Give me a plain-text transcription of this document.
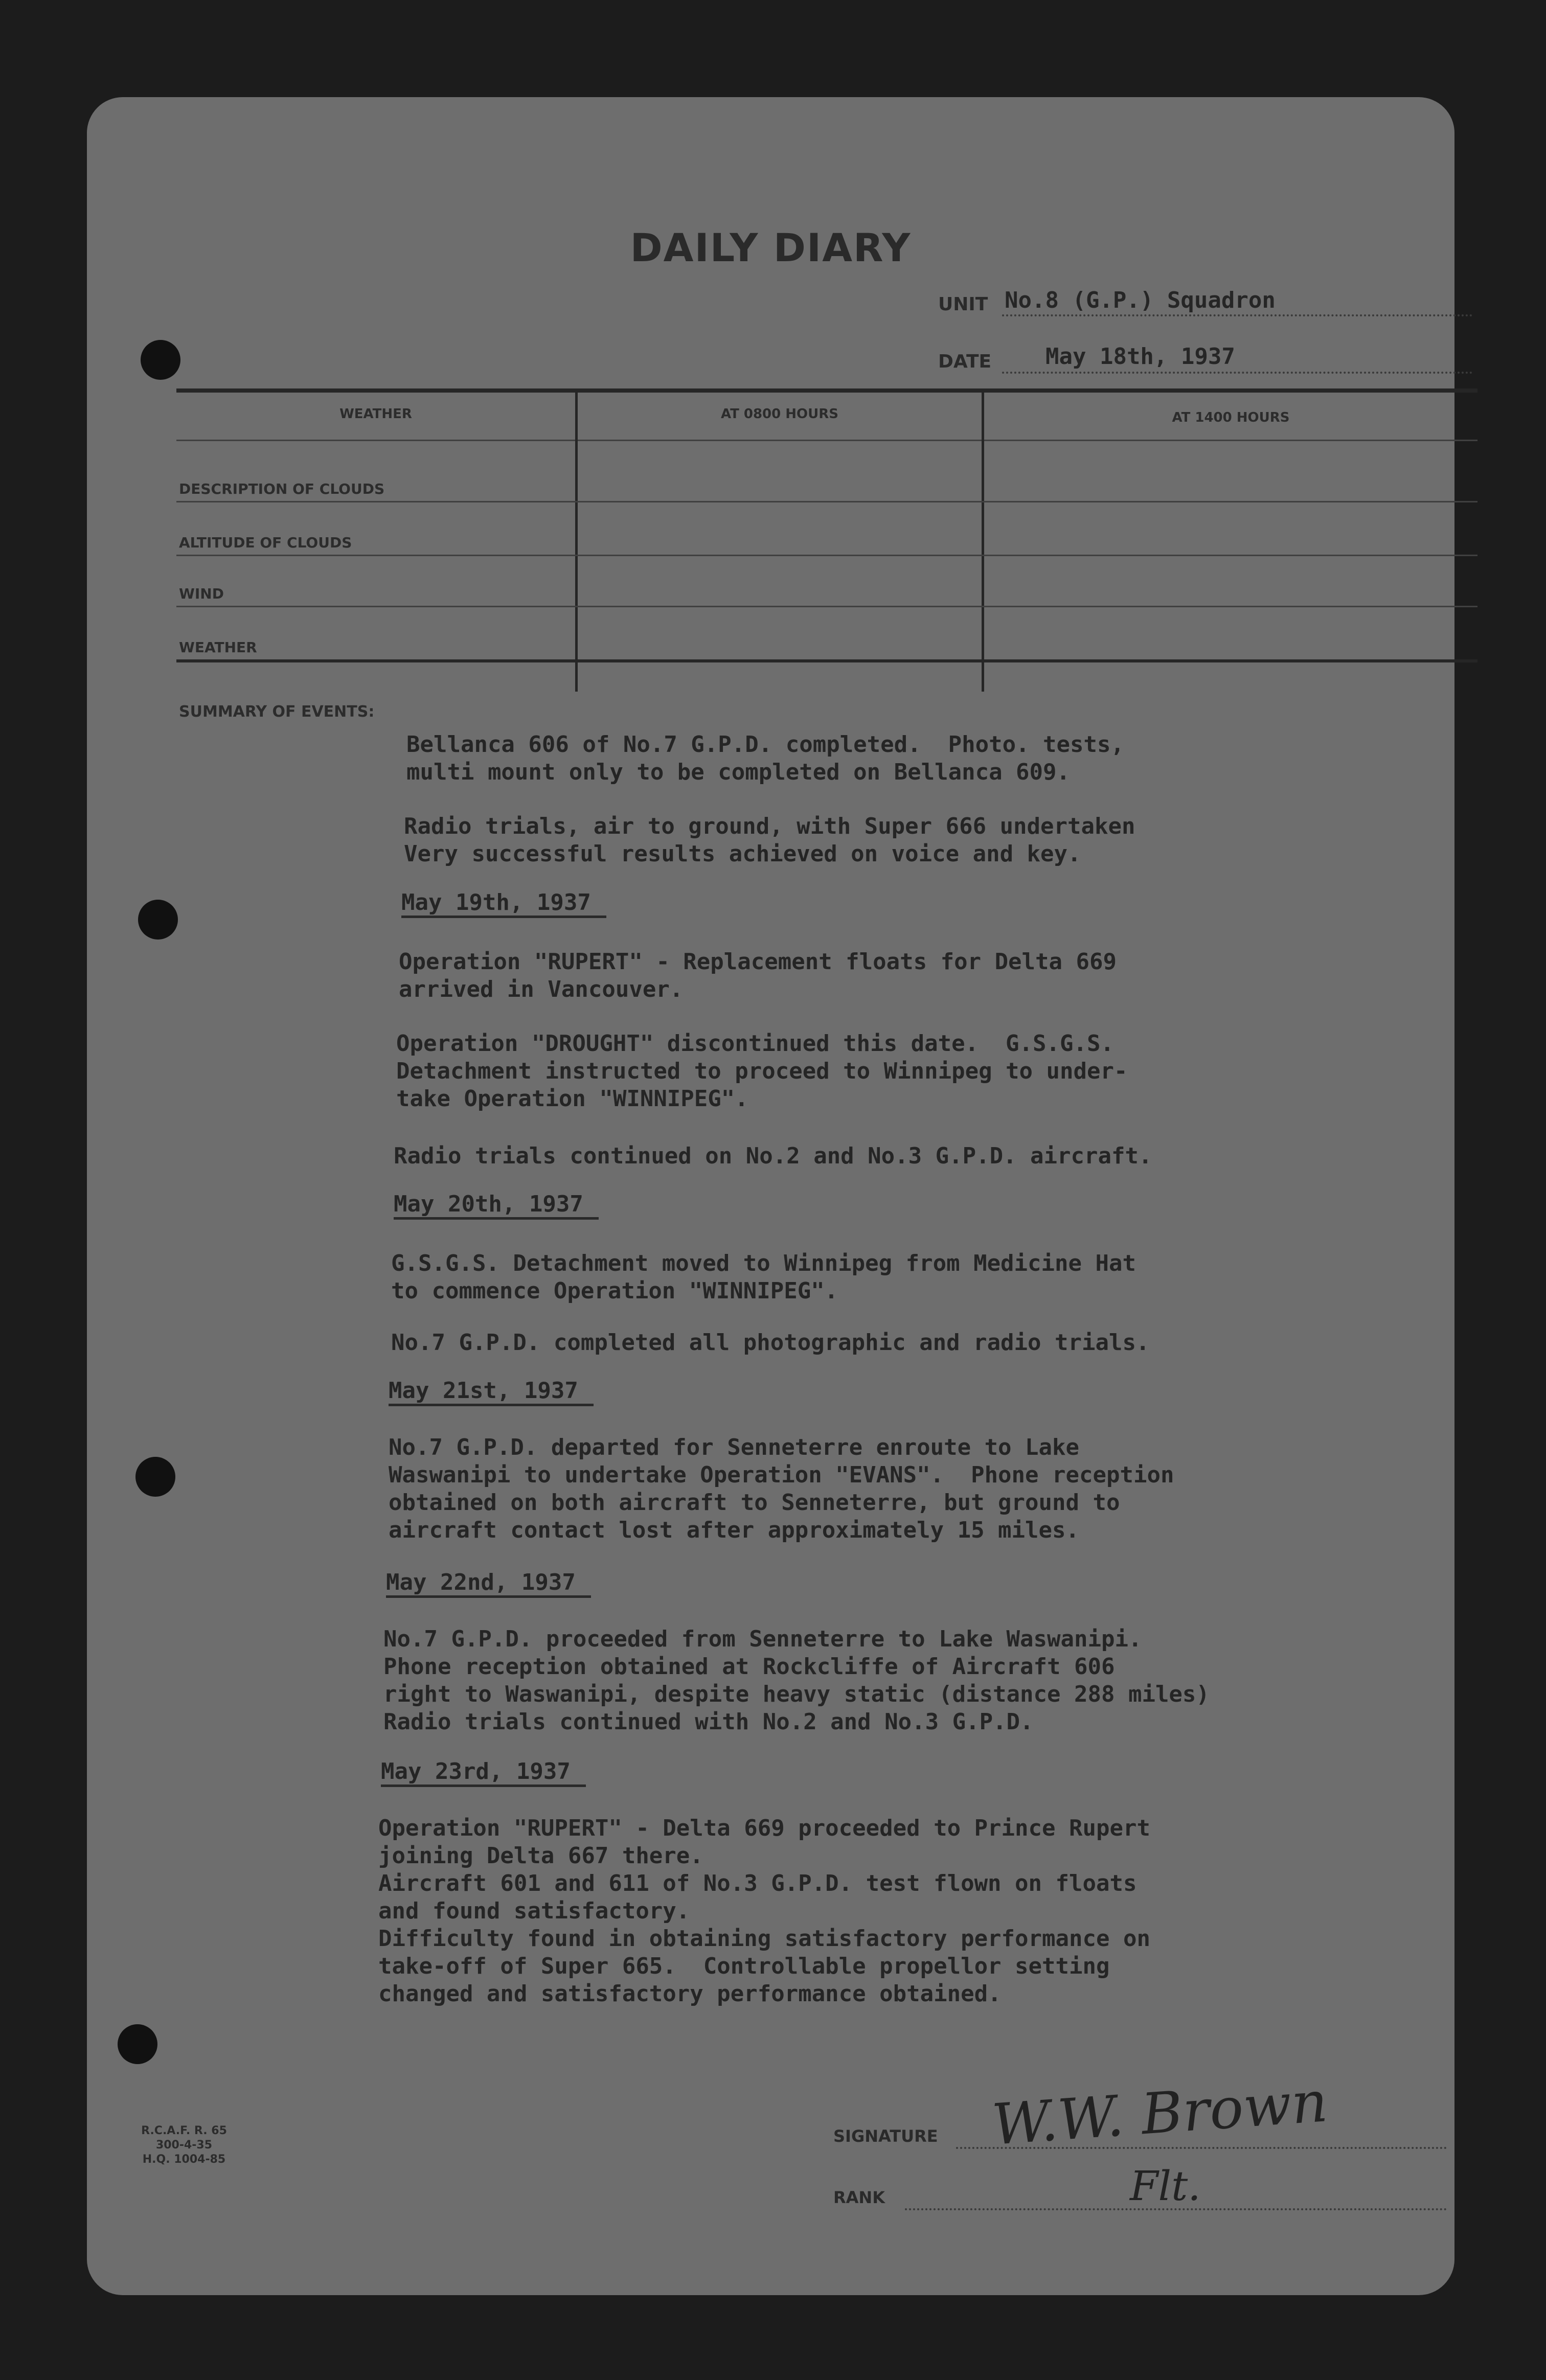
DAILY DIARY
UNIT No.8 (G.P.) Squadron
DATE May 18th, 1937
WEATHER	AT 0800 HOURS	AT 1400 HOURS
DESCRIPTION OF CLOUDS
ALTITUDE OF CLOUDS
WIND
WEATHER
SUMMARY OF EVENTS:
Bellanca 606 of No.7 G.P.D. completed.  Photo. tests,
multi mount only to be completed on Bellanca 609.
Radio trials, air to ground, with Super 666 undertaken
Very successful results achieved on voice and key.
May 19th, 1937
Operation "RUPERT" - Replacement floats for Delta 669
arrived in Vancouver.
Operation "DROUGHT" discontinued this date.  G.S.G.S.
Detachment instructed to proceed to Winnipeg to under-
take Operation "WINNIPEG".
Radio trials continued on No.2 and No.3 G.P.D. aircraft.
May 20th, 1937
G.S.G.S. Detachment moved to Winnipeg from Medicine Hat
to commence Operation "WINNIPEG".
No.7 G.P.D. completed all photographic and radio trials.
May 21st, 1937
No.7 G.P.D. departed for Senneterre enroute to Lake
Waswanipi to undertake Operation "EVANS".  Phone reception
obtained on both aircraft to Senneterre, but ground to
aircraft contact lost after approximately 15 miles.
May 22nd, 1937
No.7 G.P.D. proceeded from Senneterre to Lake Waswanipi.
Phone reception obtained at Rockcliffe of Aircraft 606
right to Waswanipi, despite heavy static (distance 288 miles)
Radio trials continued with No.2 and No.3 G.P.D.
May 23rd, 1937
Operation "RUPERT" - Delta 669 proceeded to Prince Rupert
joining Delta 667 there.
Aircraft 601 and 611 of No.3 G.P.D. test flown on floats
and found satisfactory.
Difficulty found in obtaining satisfactory performance on
take-off of Super 665.  Controllable propellor setting
changed and satisfactory performance obtained.
R.C.A.F. R. 65
300-4-35
H.Q. 1004-85
SIGNATURE W.W. Brown
RANK	Flt.
